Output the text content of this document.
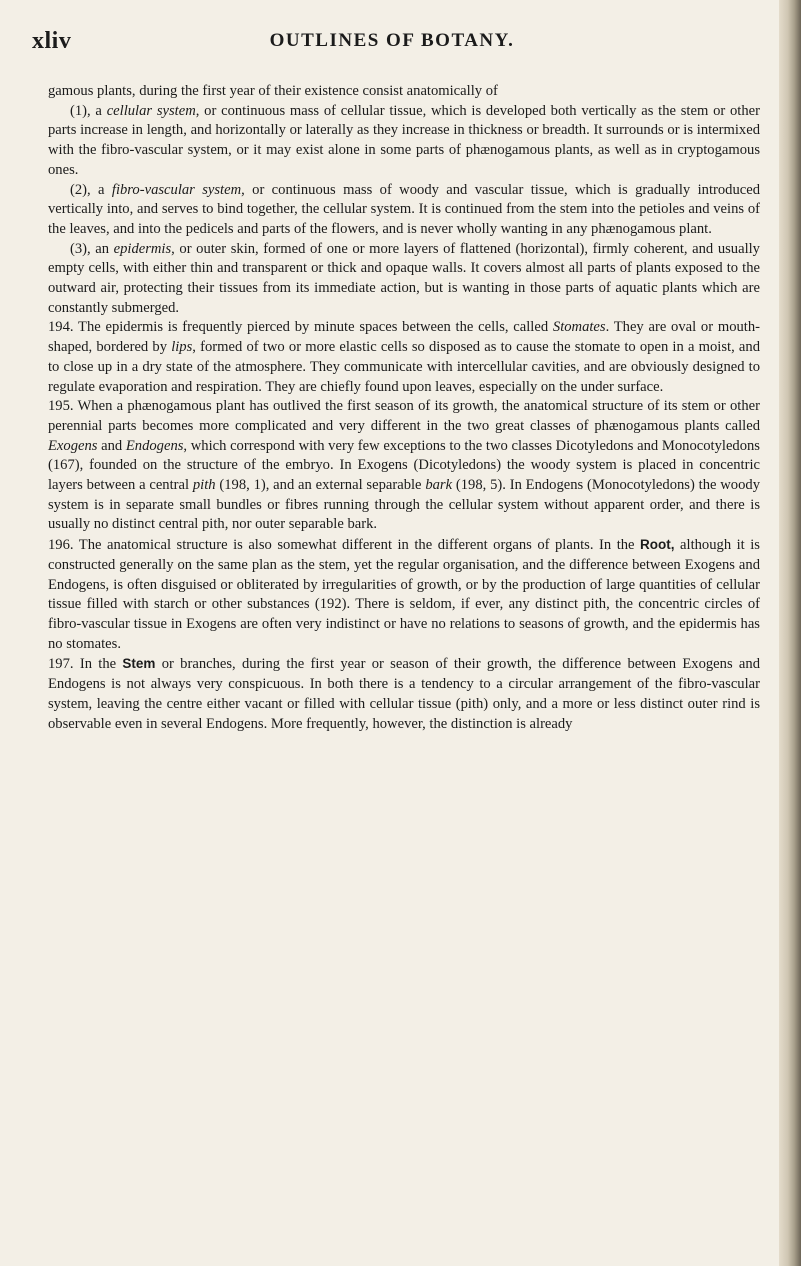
xliv	OUTLINES OF BOTANY.

gamous plants, during the first year of their existence consist anatomically of

(1), a cellular system, or continuous mass of cellular tissue, which is developed both vertically as the stem or other parts increase in length, and horizontally or laterally as they increase in thickness or breadth. It surrounds or is intermixed with the fibro-vascular system, or it may exist alone in some parts of phænogamous plants, as well as in cryptogamous ones.

(2), a fibro-vascular system, or continuous mass of woody and vascular tissue, which is gradually introduced vertically into, and serves to bind together, the cellular system. It is continued from the stem into the petioles and veins of the leaves, and into the pedicels and parts of the flowers, and is never wholly wanting in any phænogamous plant.

(3), an epidermis, or outer skin, formed of one or more layers of flattened (horizontal), firmly coherent, and usually empty cells, with either thin and transparent or thick and opaque walls. It covers almost all parts of plants exposed to the outward air, protecting their tissues from its immediate action, but is wanting in those parts of aquatic plants which are constantly submerged.

194. The epidermis is frequently pierced by minute spaces between the cells, called Stomates. They are oval or mouth-shaped, bordered by lips, formed of two or more elastic cells so disposed as to cause the stomate to open in a moist, and to close up in a dry state of the atmosphere. They communicate with intercellular cavities, and are obviously designed to regulate evaporation and respiration. They are chiefly found upon leaves, especially on the under surface.

195. When a phænogamous plant has outlived the first season of its growth, the anatomical structure of its stem or other perennial parts becomes more complicated and very different in the two great classes of phænogamous plants called Exogens and Endogens, which correspond with very few exceptions to the two classes Dicotyledons and Monocotyledons (167), founded on the structure of the embryo. In Exogens (Dicotyledons) the woody system is placed in concentric layers between a central pith (198, 1), and an external separable bark (198, 5). In Endogens (Monocotyledons) the woody system is in separate small bundles or fibres running through the cellular system without apparent order, and there is usually no distinct central pith, nor outer separable bark.

196. The anatomical structure is also somewhat different in the different organs of plants. In the Root, although it is constructed generally on the same plan as the stem, yet the regular organisation, and the difference between Exogens and Endogens, is often disguised or obliterated by irregularities of growth, or by the production of large quantities of cellular tissue filled with starch or other substances (192). There is seldom, if ever, any distinct pith, the concentric circles of fibro-vascular tissue in Exogens are often very indistinct or have no relations to seasons of growth, and the epidermis has no stomates.

197. In the Stem or branches, during the first year or season of their growth, the difference between Exogens and Endogens is not always very conspicuous. In both there is a tendency to a circular arrangement of the fibro-vascular system, leaving the centre either vacant or filled with cellular tissue (pith) only, and a more or less distinct outer rind is observable even in several Endogens. More frequently, however, the distinction is already
